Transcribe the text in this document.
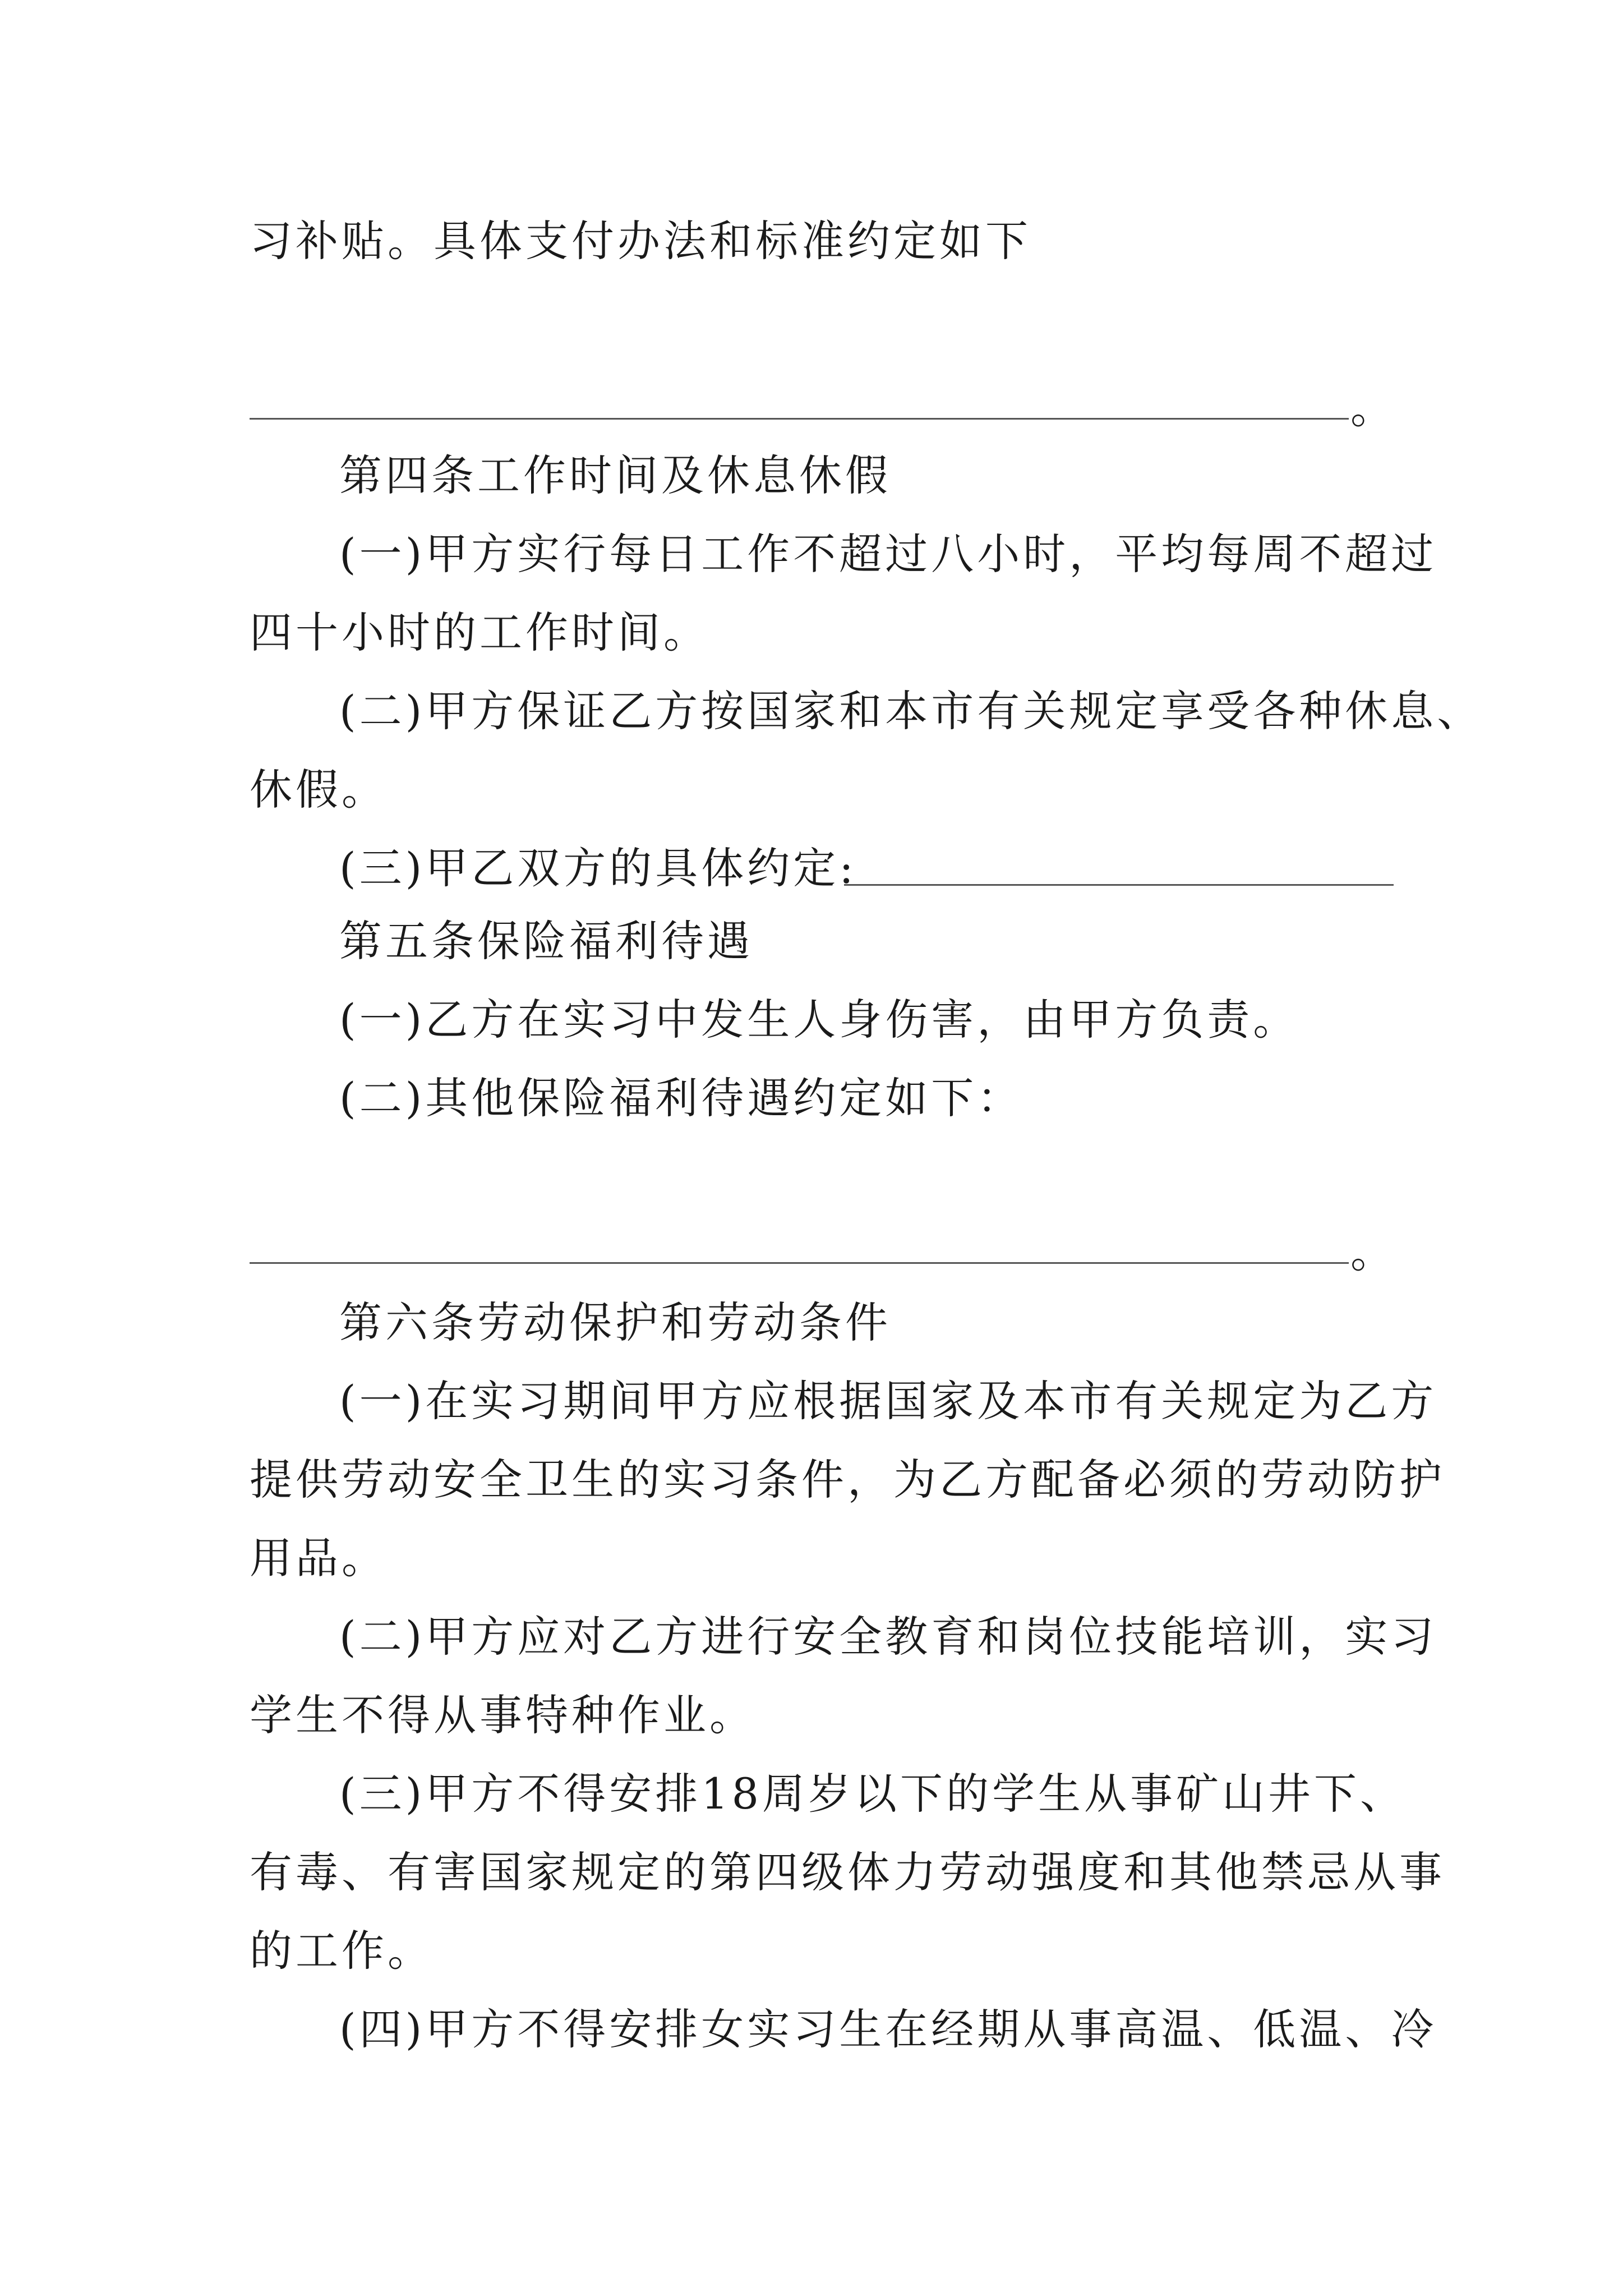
习补贴。具体支付办法和标准约定如下
。
第四条工作时间及休息休假
(一)甲方实行每日工作不超过八小时，平均每周不超过
四十小时的工作时间。
(二)甲方保证乙方按国家和本市有关规定享受各种休息、
休假。
(三)甲乙双方的具体约定:
第五条保险福利待遇
(一)乙方在实习中发生人身伤害，由甲方负责。
(二)其他保险福利待遇约定如下：
。
第六条劳动保护和劳动条件
(一)在实习期间甲方应根据国家及本市有关规定为乙方
提供劳动安全卫生的实习条件，为乙方配备必须的劳动防护
用品。
(二)甲方应对乙方进行安全教育和岗位技能培训，实习
学生不得从事特种作业。
(三)甲方不得安排18周岁以下的学生从事矿山井下、
有毒、有害国家规定的第四级体力劳动强度和其他禁忌从事
的工作。
(四)甲方不得安排女实习生在经期从事高温、低温、冷
